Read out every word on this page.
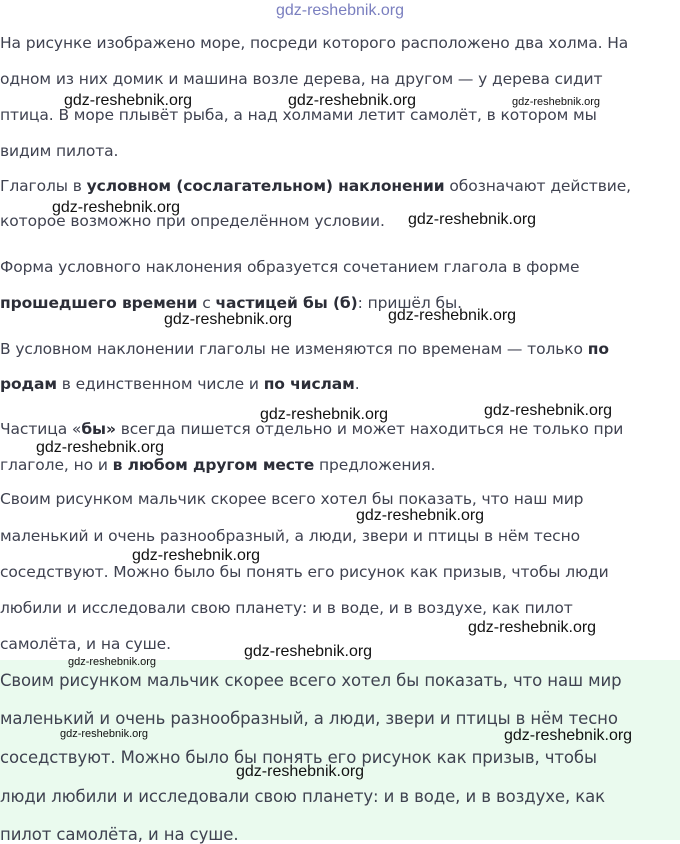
gdz-reshebnik.org

На рисунке изображено море, посреди которого расположено два холма. На

одном из них домик и машина возле дерева, на другом — у дерева сидит

птица. В море плывёт рыба, а над холмами летит самолёт, в котором мы

видим пилота.

Глаголы в условном (сослагательном) наклонении обозначают действие,

которое возможно при определённом условии.

Форма условного наклонения образуется сочетанием глагола в форме

прошедшего времени с частицей бы (б): пришёл бы.

В условном наклонении глаголы не изменяются по временам — только по

родам в единственном числе и по числам.

Частица «бы» всегда пишется отдельно и может находиться не только при

глаголе, но и в любом другом месте предложения.

Своим рисунком мальчик скорее всего хотел бы показать, что наш мир

маленький и очень разнообразный, а люди, звери и птицы в нём тесно

соседствуют. Можно было бы понять его рисунок как призыв, чтобы люди

любили и исследовали свою планету: и в воде, и в воздухе, как пилот

самолёта, и на суше.

Своим рисунком мальчик скорее всего хотел бы показать, что наш мир

маленький и очень разнообразный, а люди, звери и птицы в нём тесно

соседствуют. Можно было бы понять его рисунок как призыв, чтобы

люди любили и исследовали свою планету: и в воде, и в воздухе, как

пилот самолёта, и на суше.

gdz-reshebnik.org	gdz-reshebnik.org	gdz-reshebnik.org
gdz-reshebnik.org
gdz-reshebnik.org
gdz-reshebnik.org	gdz-reshebnik.org
gdz-reshebnik.org	gdz-reshebnik.org
gdz-reshebnik.org
gdz-reshebnik.org
gdz-reshebnik.org
gdz-reshebnik.org
gdz-reshebnik.org
gdz-reshebnik.org
gdz-reshebnik.org	gdz-reshebnik.org
gdz-reshebnik.org
